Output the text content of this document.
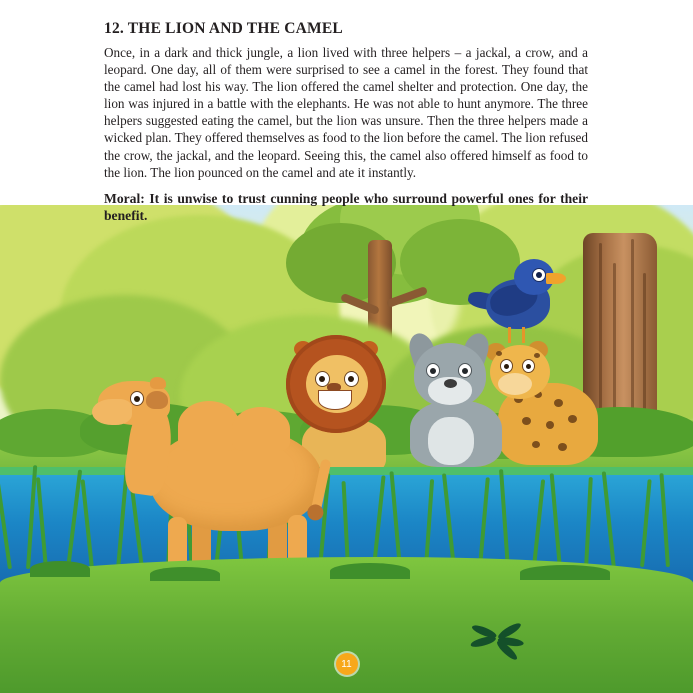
12. THE LION AND THE CAMEL

Once, in a dark and thick jungle, a lion lived with three helpers – a jackal, a crow, and a leopard. One day, all of them were surprised to see a camel in the forest. They found that the camel had lost his way. The lion offered the camel shelter and protection. One day, the lion was injured in a battle with the elephants. He was not able to hunt anymore. The three helpers suggested eating the camel, but the lion was unsure. Then the three helpers made a wicked plan. They offered themselves as food to the lion before the camel. The lion refused the crow, the jackal, and the leopard. Seeing this, the camel also offered himself as food to the lion. The lion pounced on the camel and ate it instantly.

Moral: It is unwise to trust cunning people who surround powerful ones for their benefit.

11
